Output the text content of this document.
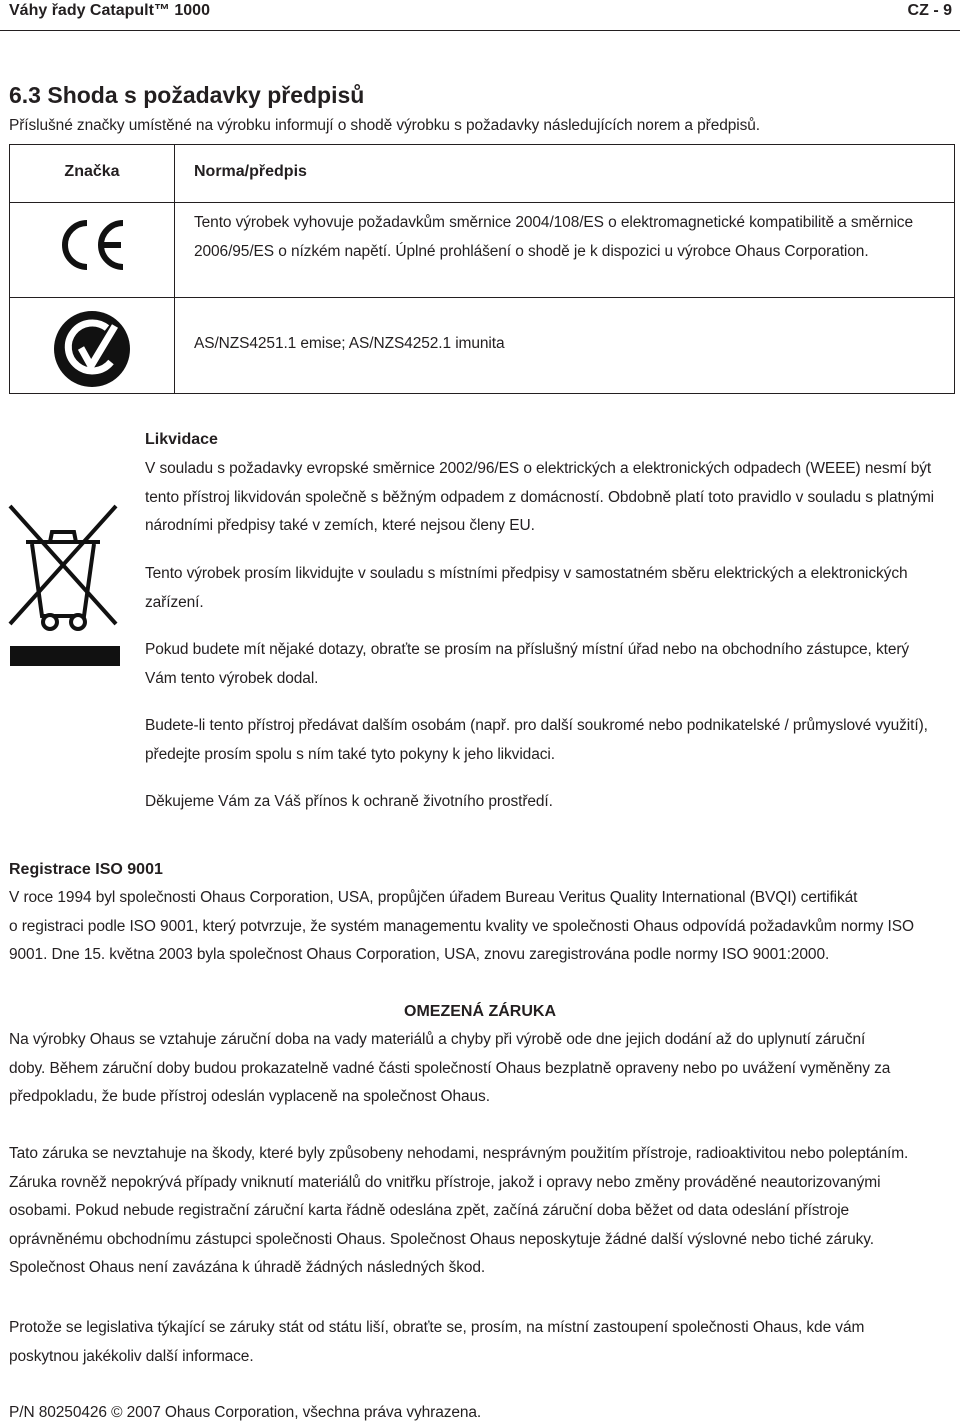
Váhy řady Catapult™ 1000	CZ - 9
6.3 Shoda s požadavky předpisů
Příslušné značky umístěné na výrobku informují o shodě výrobku s požadavky následujících norem a předpisů.
Značka	Norma/předpis

Tento výrobek vyhovuje požadavkům směrnice 2004/108/ES o elektromagnetické kompatibilitě a směrnice
2006/95/ES o nízkém napětí. Úplné prohlášení o shodě je k dispozici u výrobce Ohaus Corporation.

AS/NZS4251.1 emise; AS/NZS4252.1 imunita
Likvidace
V souladu s požadavky evropské směrnice 2002/96/ES o elektrických a elektronických odpadech (WEEE) nesmí být
tento přístroj likvidován společně s běžným odpadem z domácností. Obdobně platí toto pravidlo v souladu s platnými
národními předpisy také v zemích, které nejsou členy EU.
Tento výrobek prosím likvidujte v souladu s místními předpisy v samostatném sběru elektrických a elektronických
zařízení.
Pokud budete mít nějaké dotazy, obraťte se prosím na příslušný místní úřad nebo na obchodního zástupce, který
Vám tento výrobek dodal.
Budete-li tento přístroj předávat dalším osobám (např. pro další soukromé nebo podnikatelské / průmyslové využití),
předejte prosím spolu s ním také tyto pokyny k jeho likvidaci.
Děkujeme Vám za Váš přínos k ochraně životního prostředí.
Registrace ISO 9001
V roce 1994 byl společnosti Ohaus Corporation, USA, propůjčen úřadem Bureau Veritus Quality International (BVQI) certifikát
o registraci podle ISO 9001, který potvrzuje, že systém managementu kvality ve společnosti Ohaus odpovídá požadavkům normy ISO
9001. Dne 15. května 2003 byla společnost Ohaus Corporation, USA, znovu zaregistrována podle normy ISO 9001:2000.
OMEZENÁ ZÁRUKA
Na výrobky Ohaus se vztahuje záruční doba na vady materiálů a chyby při výrobě ode dne jejich dodání až do uplynutí záruční
doby. Během záruční doby budou prokazatelně vadné části společností Ohaus bezplatně opraveny nebo po uvážení vyměněny za
předpokladu, že bude přístroj odeslán vyplaceně na společnost Ohaus.
Tato záruka se nevztahuje na škody, které byly způsobeny nehodami, nesprávným použitím přístroje, radioaktivitou nebo poleptáním.
Záruka rovněž nepokrývá případy vniknutí materiálů do vnitřku přístroje, jakož i opravy nebo změny prováděné neautorizovanými
osobami. Pokud nebude registrační záruční karta řádně odeslána zpět, začíná záruční doba běžet od data odeslání přístroje
oprávněnému obchodnímu zástupci společnosti Ohaus. Společnost Ohaus neposkytuje žádné další výslovné nebo tiché záruky.
Společnost Ohaus není zavázána k úhradě žádných následných škod.
Protože se legislativa týkající se záruky stát od státu liší, obraťte se, prosím, na místní zastoupení společnosti Ohaus, kde vám
poskytnou jakékoliv další informace.
P/N 80250426 © 2007 Ohaus Corporation, všechna práva vyhrazena.
